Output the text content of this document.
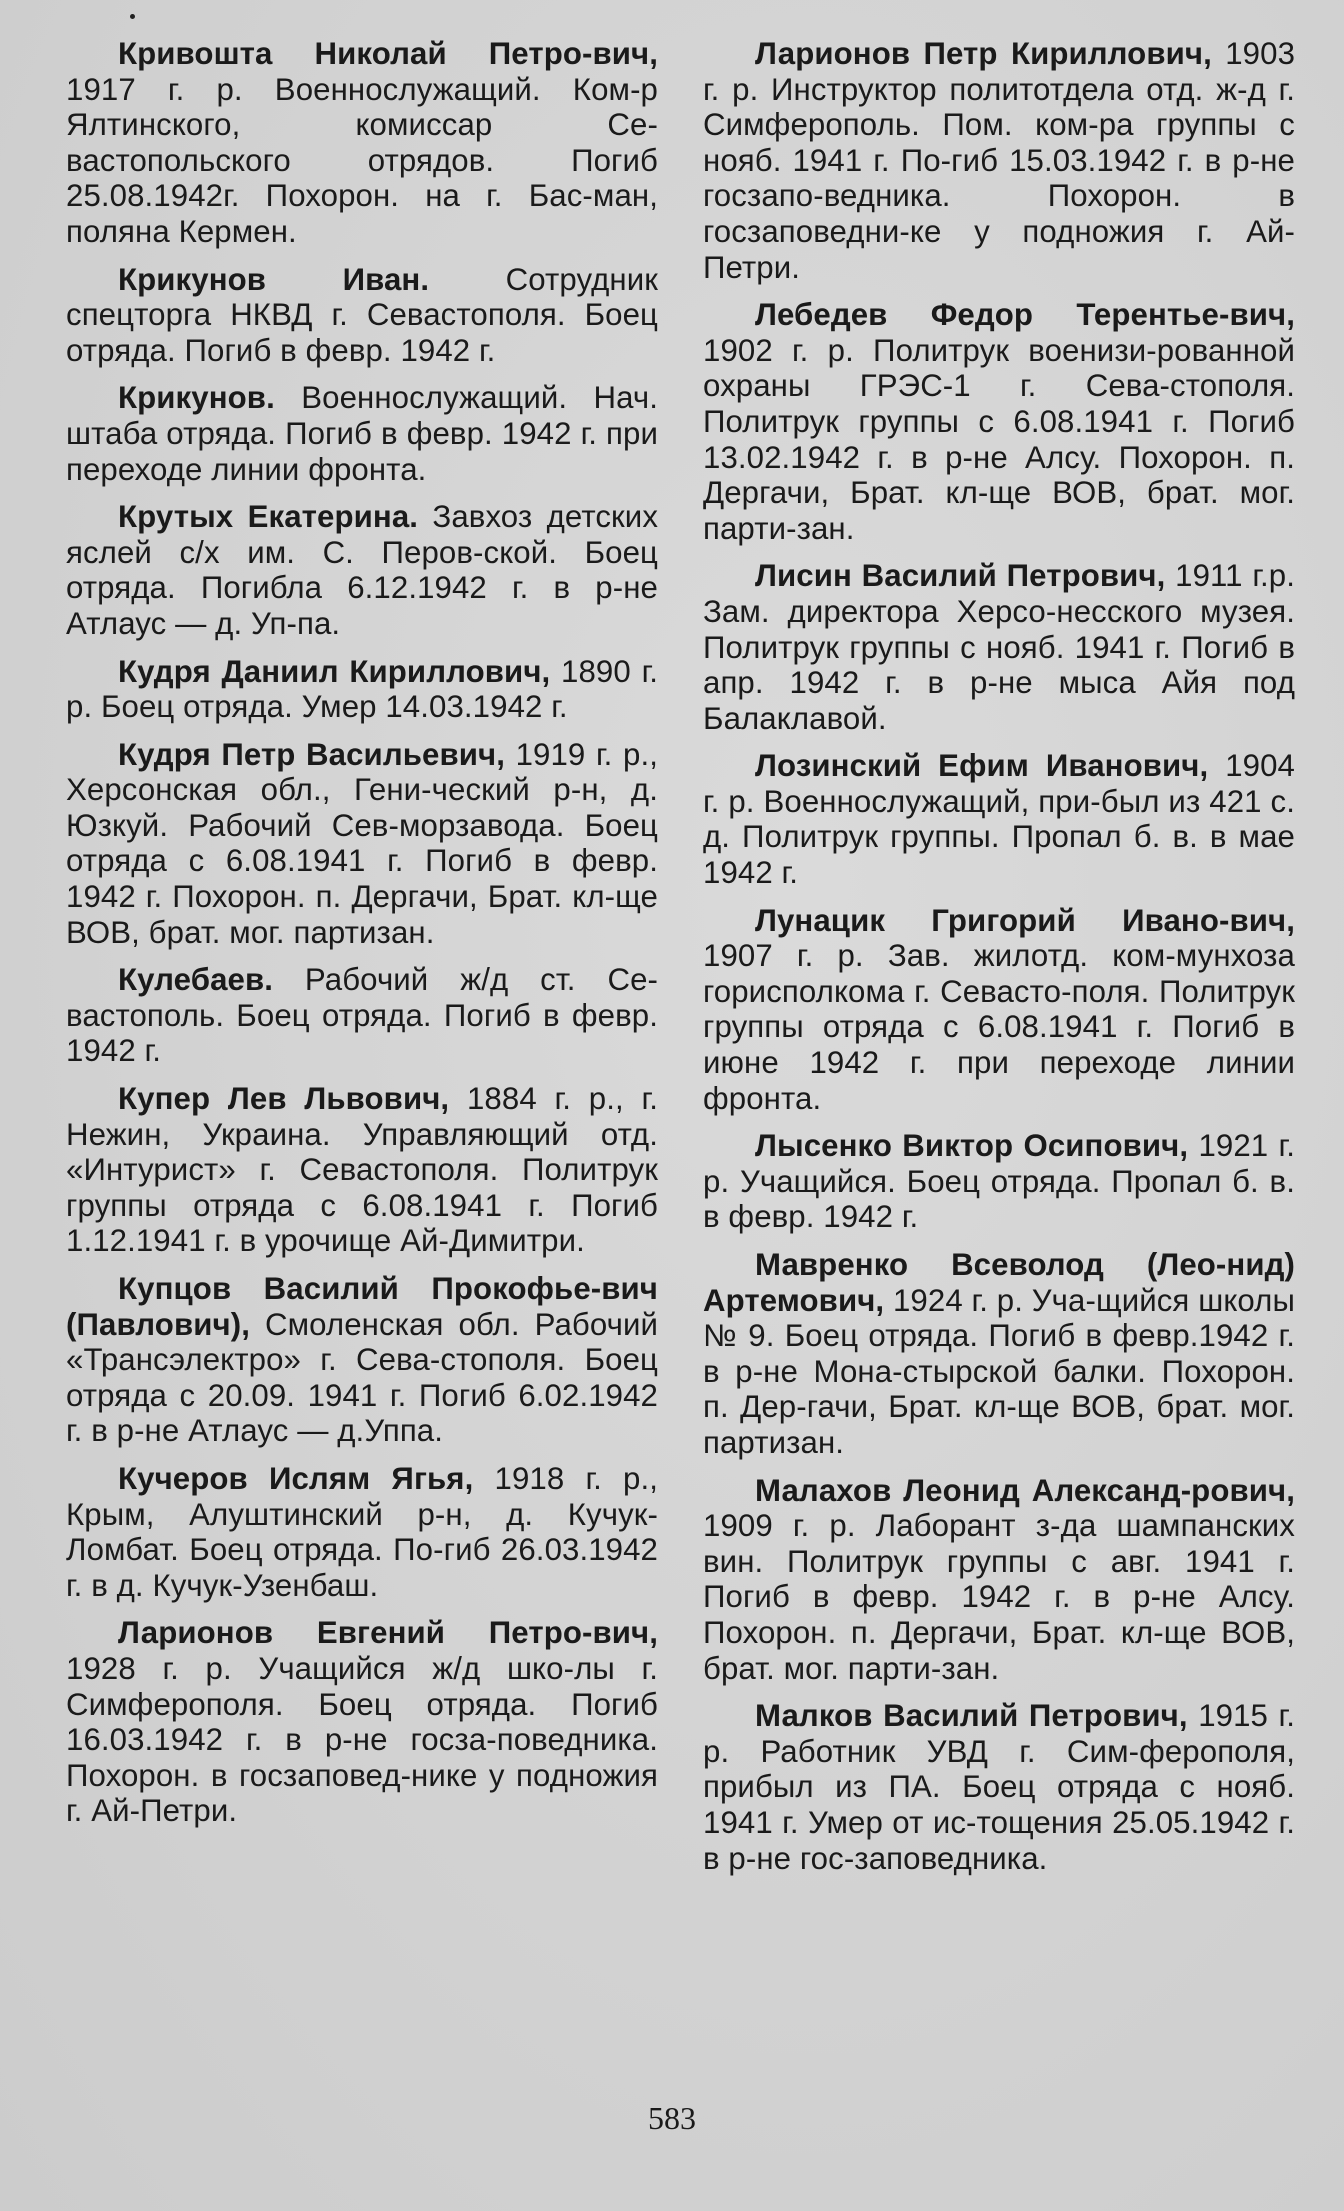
Кривошта Николай Петро-вич, 1917 г. р. Военнослужащий. Ком-р Ялтинского, комиссар Се-вастопольского отрядов. Погиб 25.08.1942г. Похорон. на г. Бас-ман, поляна Кермен.

Крикунов Иван. Сотрудник спецторга НКВД г. Севастополя. Боец отряда. Погиб в февр. 1942 г.

Крикунов. Военнослужащий. Нач. штаба отряда. Погиб в февр. 1942 г. при переходе линии фронта.

Крутых Екатерина. Завхоз детских яслей с/х им. С. Перов-ской. Боец отряда. Погибла 6.12.1942 г. в р-не Атлаус — д. Уп-па.

Кудря Даниил Кириллович, 1890 г. р. Боец отряда. Умер 14.03.1942 г.

Кудря Петр Васильевич, 1919 г. р., Херсонская обл., Гени-ческий р-н, д. Юзкуй. Рабочий Сев-морзавода. Боец отряда с 6.08.1941 г. Погиб в февр. 1942 г. Похорон. п. Дергачи, Брат. кл-ще ВОВ, брат. мог. партизан.

Кулебаев. Рабочий ж/д ст. Се-вастополь. Боец отряда. Погиб в февр. 1942 г.

Купер Лев Львович, 1884 г. р., г. Нежин, Украина. Управляющий отд. «Интурист» г. Севастополя. Политрук группы отряда с 6.08.1941 г. Погиб 1.12.1941 г. в урочище Ай-Димитри.

Купцов Василий Прокофье-вич (Павлович), Смоленская обл. Рабочий «Трансэлектро» г. Сева-стополя. Боец отряда с 20.09. 1941 г. Погиб 6.02.1942 г. в р-не Атлаус — д.Уппа.

Кучеров Ислям Ягья, 1918 г. р., Крым, Алуштинский р-н, д. Кучук-Ломбат. Боец отряда. По-гиб 26.03.1942 г. в д. Кучук-Узенбаш.

Ларионов Евгений Петро-вич, 1928 г. р. Учащийся ж/д шко-лы г. Симферополя. Боец отряда. Погиб 16.03.1942 г. в р-не госза-поведника. Похорон. в госзаповед-нике у подножия г. Ай-Петри.

Ларионов Петр Кириллович, 1903 г. р. Инструктор политотдела отд. ж-д г. Симферополь. Пом. ком-ра группы с нояб. 1941 г. По-гиб 15.03.1942 г. в р-не госзапо-ведника. Похорон. в госзаповедни-ке у подножия г. Ай-Петри.

Лебедев Федор Терентье-вич, 1902 г. р. Политрук военизи-рованной охраны ГРЭС-1 г. Сева-стополя. Политрук группы с 6.08.1941 г. Погиб 13.02.1942 г. в р-не Алсу. Похорон. п. Дергачи, Брат. кл-ще ВОВ, брат. мог. парти-зан.

Лисин Василий Петрович, 1911 г.р. Зам. директора Херсо-несского музея. Политрук группы с нояб. 1941 г. Погиб в апр. 1942 г. в р-не мыса Айя под Балаклавой.

Лозинский Ефим Иванович, 1904 г. р. Военнослужащий, при-был из 421 с. д. Политрук группы. Пропал б. в. в мае 1942 г.

Лунацик Григорий Ивано-вич, 1907 г. р. Зав. жилотд. ком-мунхоза горисполкома г. Севасто-поля. Политрук группы отряда с 6.08.1941 г. Погиб в июне 1942 г. при переходе линии фронта.

Лысенко Виктор Осипович, 1921 г. р. Учащийся. Боец отряда. Пропал б. в. в февр. 1942 г.

Мавренко Всеволод (Лео-нид) Артемович, 1924 г. р. Уча-щийся школы № 9. Боец отряда. Погиб в февр.1942 г. в р-не Мона-стырской балки. Похорон. п. Дер-гачи, Брат. кл-ще ВОВ, брат. мог. партизан.

Малахов Леонид Александ-рович, 1909 г. р. Лаборант з-да шампанских вин. Политрук группы с авг. 1941 г. Погиб в февр. 1942 г. в р-не Алсу. Похорон. п. Дергачи, Брат. кл-ще ВОВ, брат. мог. парти-зан.

Малков Василий Петрович, 1915 г. р. Работник УВД г. Сим-ферополя, прибыл из ПА. Боец отряда с нояб. 1941 г. Умер от ис-тощения 25.05.1942 г. в р-не гос-заповедника.

583
